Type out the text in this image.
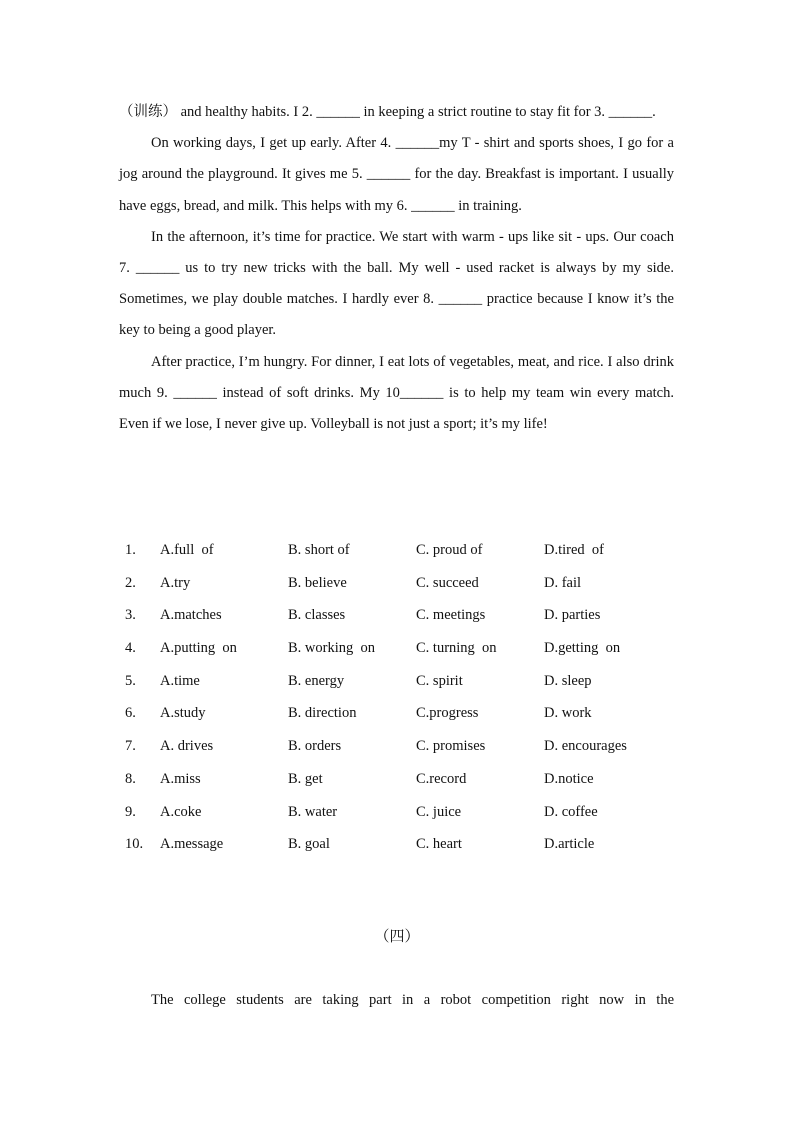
（训练） and healthy habits. I 2. ______ in keeping a strict routine to stay fit for 3. ______.

On working days, I get up early. After 4. ______my T - shirt and sports shoes, I go for a jog around the playground. It gives me 5. ______ for the day. Breakfast is important. I usually have eggs, bread, and milk. This helps with my 6. ______ in training.

In the afternoon, it’s time for practice. We start with warm - ups like sit - ups. Our coach 7. ______ us to try new tricks with the ball. My well - used racket is always by my side. Sometimes, we play double matches. I hardly ever 8. ______ practice because I know it’s the key to being a good player.

After practice, I’m hungry. For dinner, I eat lots of vegetables, meat, and rice. I also drink much 9. ______ instead of soft drinks. My 10______ is to help my team win every match. Even if we lose, I never give up. Volleyball is not just a sport; it’s my life!

1. A.full  of	B. short of	C. proud of	D.tired  of
2. A.try	B. believe	C. succeed	D. fail
3. A.matches	B. classes	C. meetings	D. parties
4. A.putting  on	B. working  on	C. turning  on	D.getting  on
5. A.time	B. energy	C. spirit	D. sleep
6. A.study	B. direction	C.progress	D. work
7. A. drives	B. orders	C. promises	D. encourages
8. A.miss	B. get	C.record	D.notice
9. A.coke	B. water	C. juice	D. coffee
10. A.message	B. goal	C. heart	D.article
（四）

The college students are taking part in a robot competition right now in the
